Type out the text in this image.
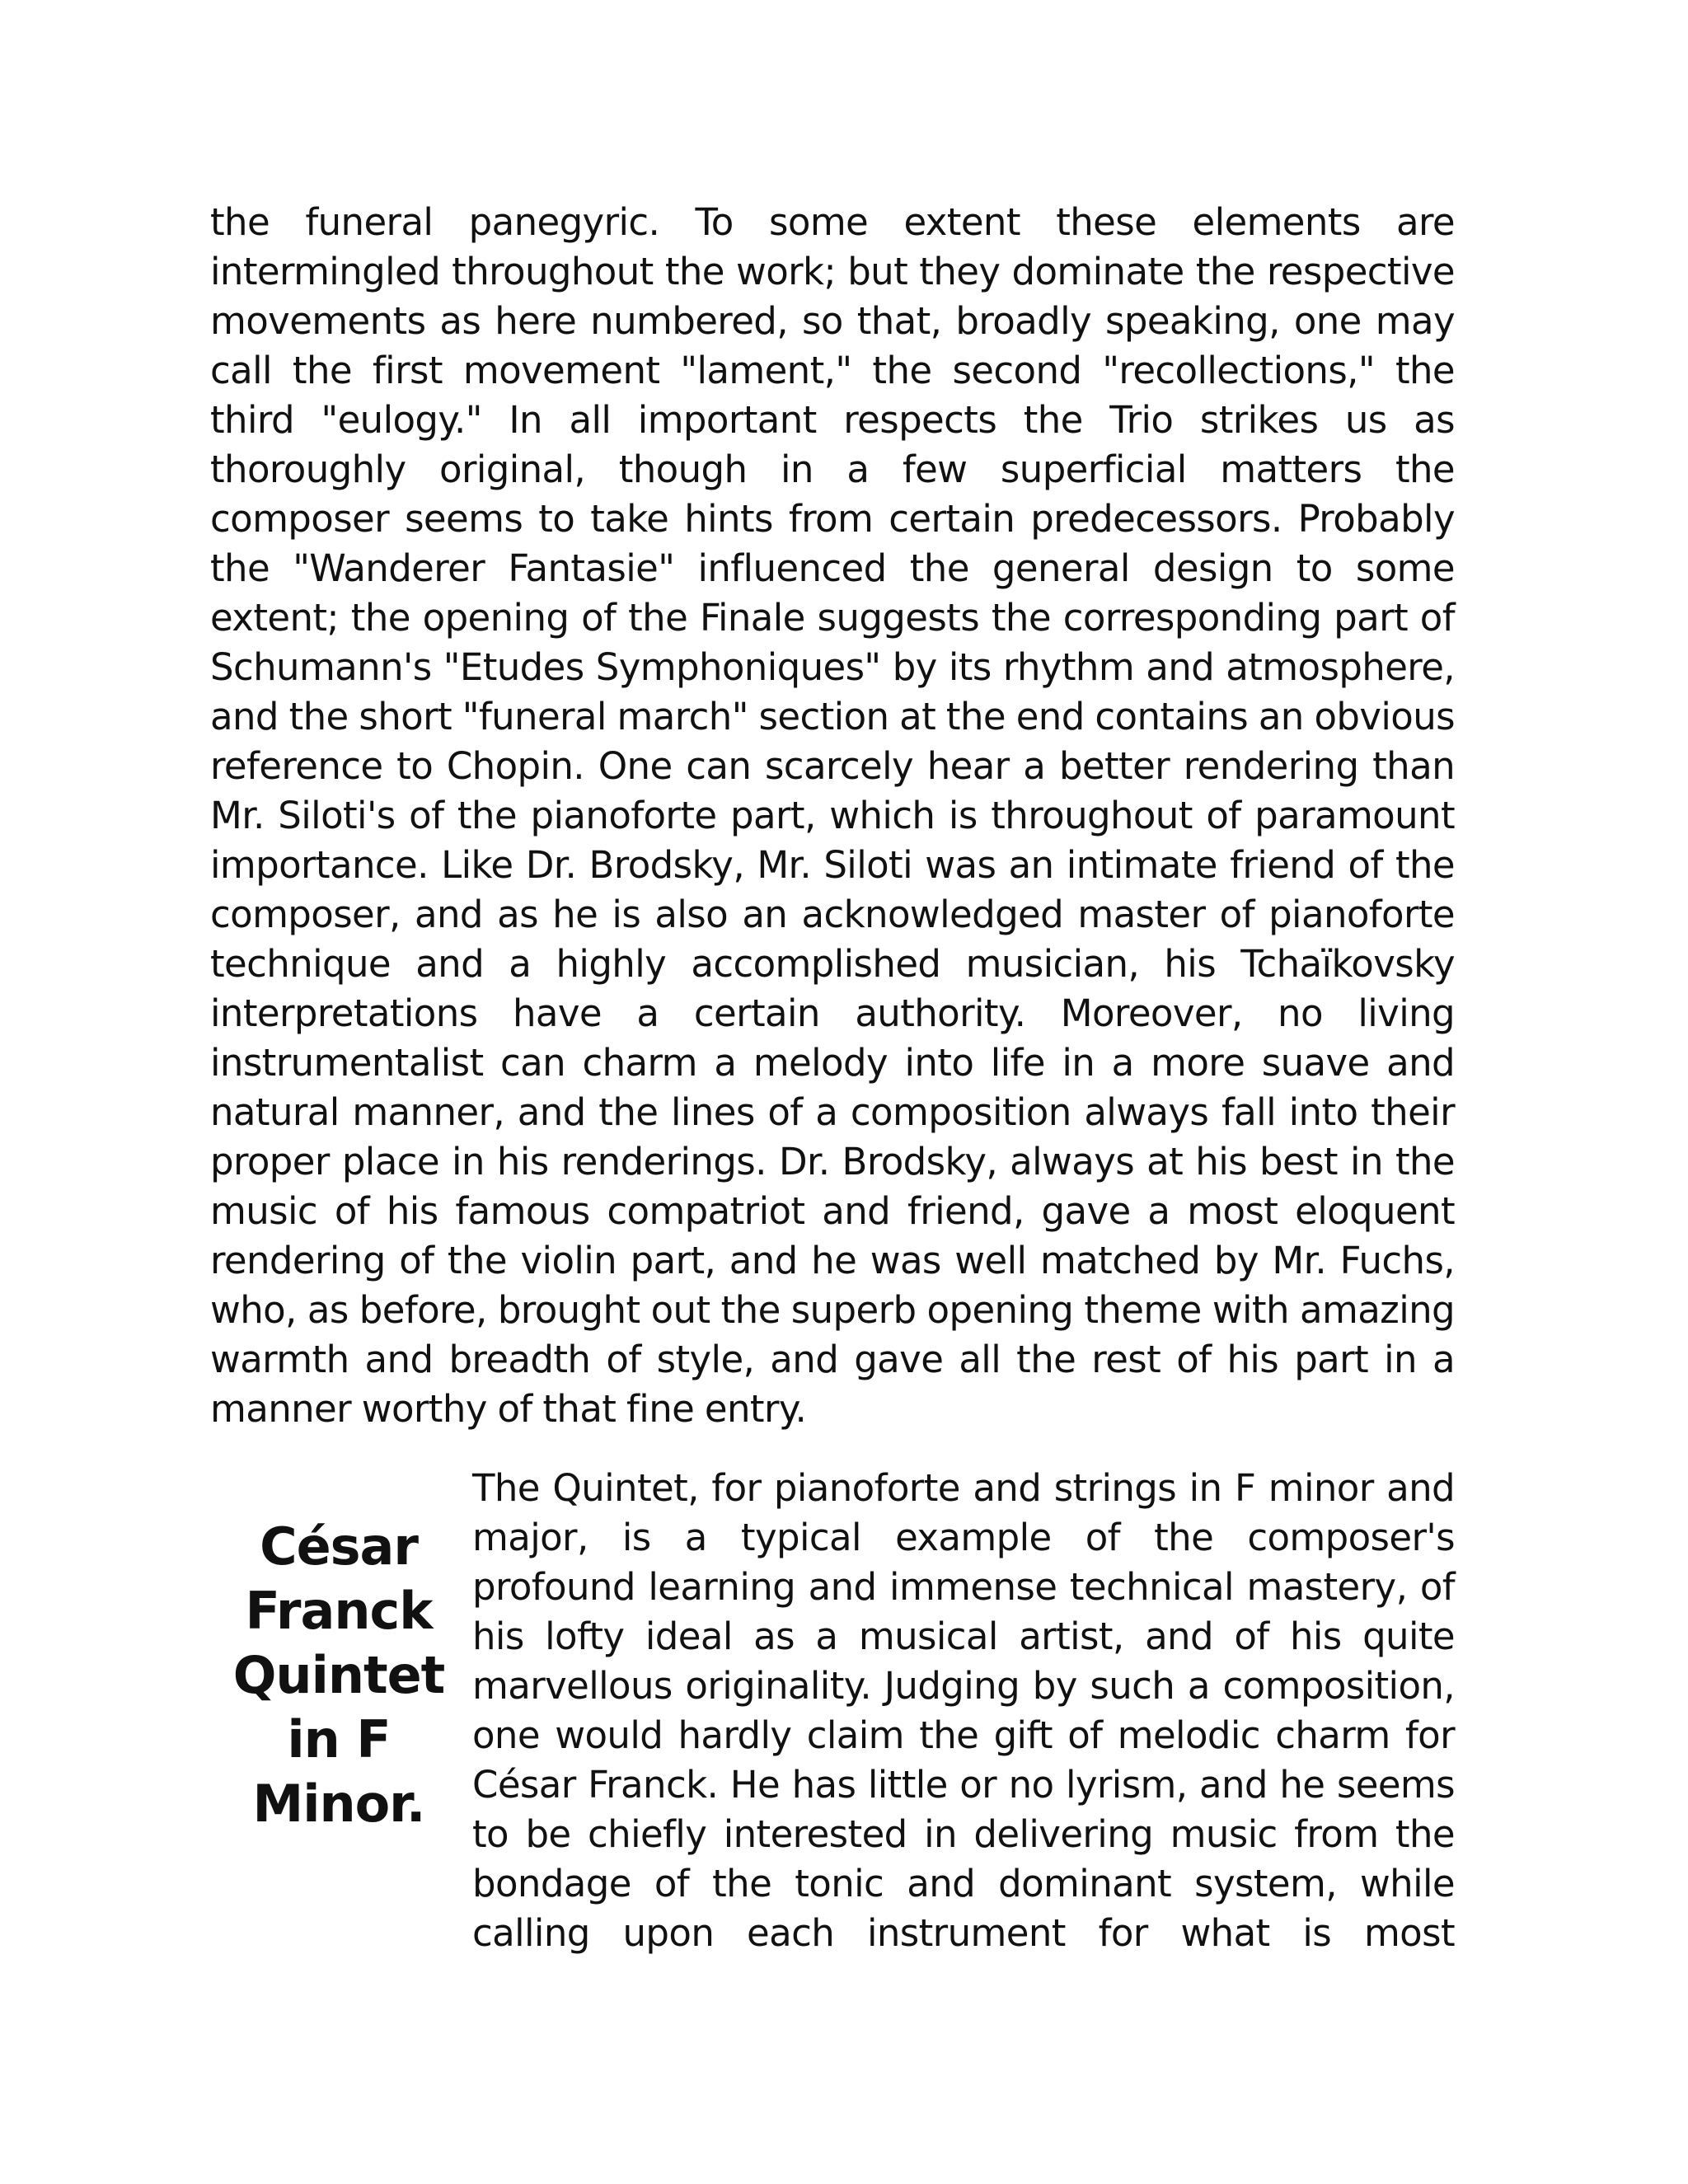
the funeral panegyric. To some extent these elements are intermingled throughout the work; but they dominate the respective movements as here numbered, so that, broadly speaking, one may call the first movement "lament," the second "recollections," the third "eulogy." In all important respects the Trio strikes us as thoroughly original, though in a few superficial matters the composer seems to take hints from certain predecessors. Probably the "Wanderer Fantasie" influenced the general design to some extent; the opening of the Finale suggests the corresponding part of Schumann's "Etudes Symphoniques" by its rhythm and atmosphere, and the short "funeral march" section at the end contains an obvious reference to Chopin. One can scarcely hear a better rendering than Mr. Siloti's of the pianoforte part, which is throughout of paramount importance. Like Dr. Brodsky, Mr. Siloti was an intimate friend of the composer, and as he is also an acknowledged master of pianoforte technique and a highly accomplished musician, his Tchaïkovsky interpretations have a certain authority. Moreover, no living instrumentalist can charm a melody into life in a more suave and natural manner, and the lines of a composition always fall into their proper place in his renderings. Dr. Brodsky, always at his best in the music of his famous compatriot and friend, gave a most eloquent rendering of the violin part, and he was well matched by Mr. Fuchs, who, as before, brought out the superb opening theme with amazing warmth and breadth of style, and gave all the rest of his part in a manner worthy of that fine entry.

César
Franck
Quintet
in F
Minor.

The Quintet, for pianoforte and strings in F minor and major, is a typical example of the composer's profound learning and immense technical mastery, of his lofty ideal as a musical artist, and of his quite marvellous originality. Judging by such a composition, one would hardly claim the gift of melodic charm for César Franck. He has little or no lyrism, and he seems to be chiefly interested in delivering music from the bondage of the tonic and dominant system, while calling upon each instrument for what is most
